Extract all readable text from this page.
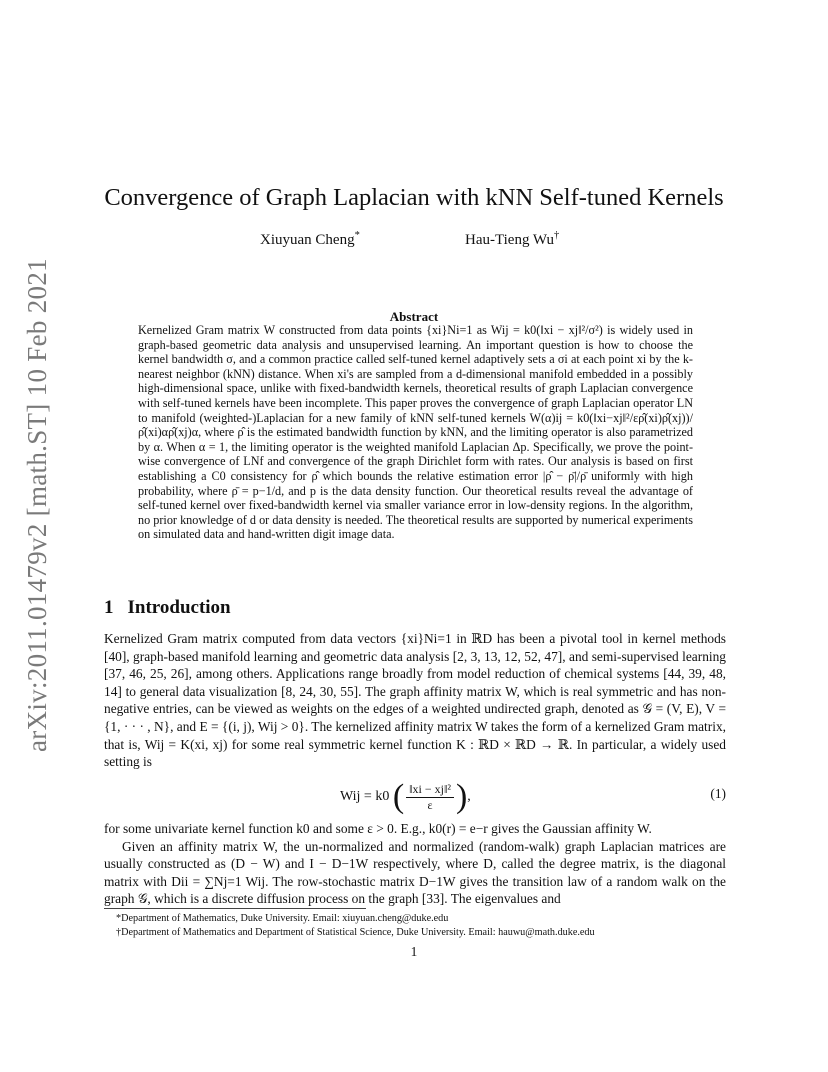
arXiv:2011.01479v2 [math.ST] 10 Feb 2021
Convergence of Graph Laplacian with kNN Self-tuned Kernels
Xiuyuan Cheng*	Hau-Tieng Wu†
Abstract
Kernelized Gram matrix W constructed from data points {xi}Ni=1 as Wij = k0(‖xi − xj‖²/σ²) is widely used in graph-based geometric data analysis and unsupervised learning. An important question is how to choose the kernel bandwidth σ, and a common practice called self-tuned kernel adaptively sets a σi at each point xi by the k-nearest neighbor (kNN) distance. When xi's are sampled from a d-dimensional manifold embedded in a possibly high-dimensional space, unlike with fixed-bandwidth kernels, theoretical results of graph Laplacian convergence with self-tuned kernels have been incomplete. This paper proves the convergence of graph Laplacian operator LN to manifold (weighted-)Laplacian for a new family of kNN self-tuned kernels W(α)ij = k0(‖xi−xj‖²/ερ̂(xi)ρ̂(xj))/ρ̂(xi)αρ̂(xj)α, where ρ̂ is the estimated bandwidth function by kNN, and the limiting operator is also parametrized by α. When α = 1, the limiting operator is the weighted manifold Laplacian Δp. Specifically, we prove the point-wise convergence of LNf and convergence of the graph Dirichlet form with rates. Our analysis is based on first establishing a C0 consistency for ρ̂ which bounds the relative estimation error |ρ̂ − ρ̄|/ρ̄ uniformly with high probability, where ρ̄ = p−1/d, and p is the data density function. Our theoretical results reveal the advantage of self-tuned kernel over fixed-bandwidth kernel via smaller variance error in low-density regions. In the algorithm, no prior knowledge of d or data density is needed. The theoretical results are supported by numerical experiments on simulated data and hand-written digit image data.
1 Introduction

Kernelized Gram matrix computed from data vectors {xi}Ni=1 in ℝD has been a pivotal tool in kernel methods [40], graph-based manifold learning and geometric data analysis [2, 3, 13, 12, 52, 47], and semi-supervised learning [37, 46, 25, 26], among others. Applications range broadly from model reduction of chemical systems [44, 39, 48, 14] to general data visualization [8, 24, 30, 55]. The graph affinity matrix W, which is real symmetric and has non-negative entries, can be viewed as weights on the edges of a weighted undirected graph, denoted as 𝒢 = (V, E), V = {1, · · · , N}, and E = {(i, j), Wij > 0}. The kernelized affinity matrix W takes the form of a kernelized Gram matrix, that is, Wij = K(xi, xj) for some real symmetric kernel function K : ℝD × ℝD → ℝ. In particular, a widely used setting is

Wij = k0 ( $\frac{\text{‖xi − xj‖²}}{\varepsilon}$ ),	(1)

for some univariate kernel function k0 and some ε > 0. E.g., k0(r) = e−r gives the Gaussian affinity W.

Given an affinity matrix W, the un-normalized and normalized (random-walk) graph Laplacian matrices are usually constructed as (D − W) and I − D−1W respectively, where D, called the degree matrix, is the diagonal matrix with Dii = ∑Nj=1 Wij. The row-stochastic matrix D−1W gives the transition law of a random walk on the graph 𝒢, which is a discrete diffusion process on the graph [33]. The eigenvalues and

*Department of Mathematics, Duke University. Email: xiuyuan.cheng@duke.edu
†Department of Mathematics and Department of Statistical Science, Duke University. Email: hauwu@math.duke.edu
1
